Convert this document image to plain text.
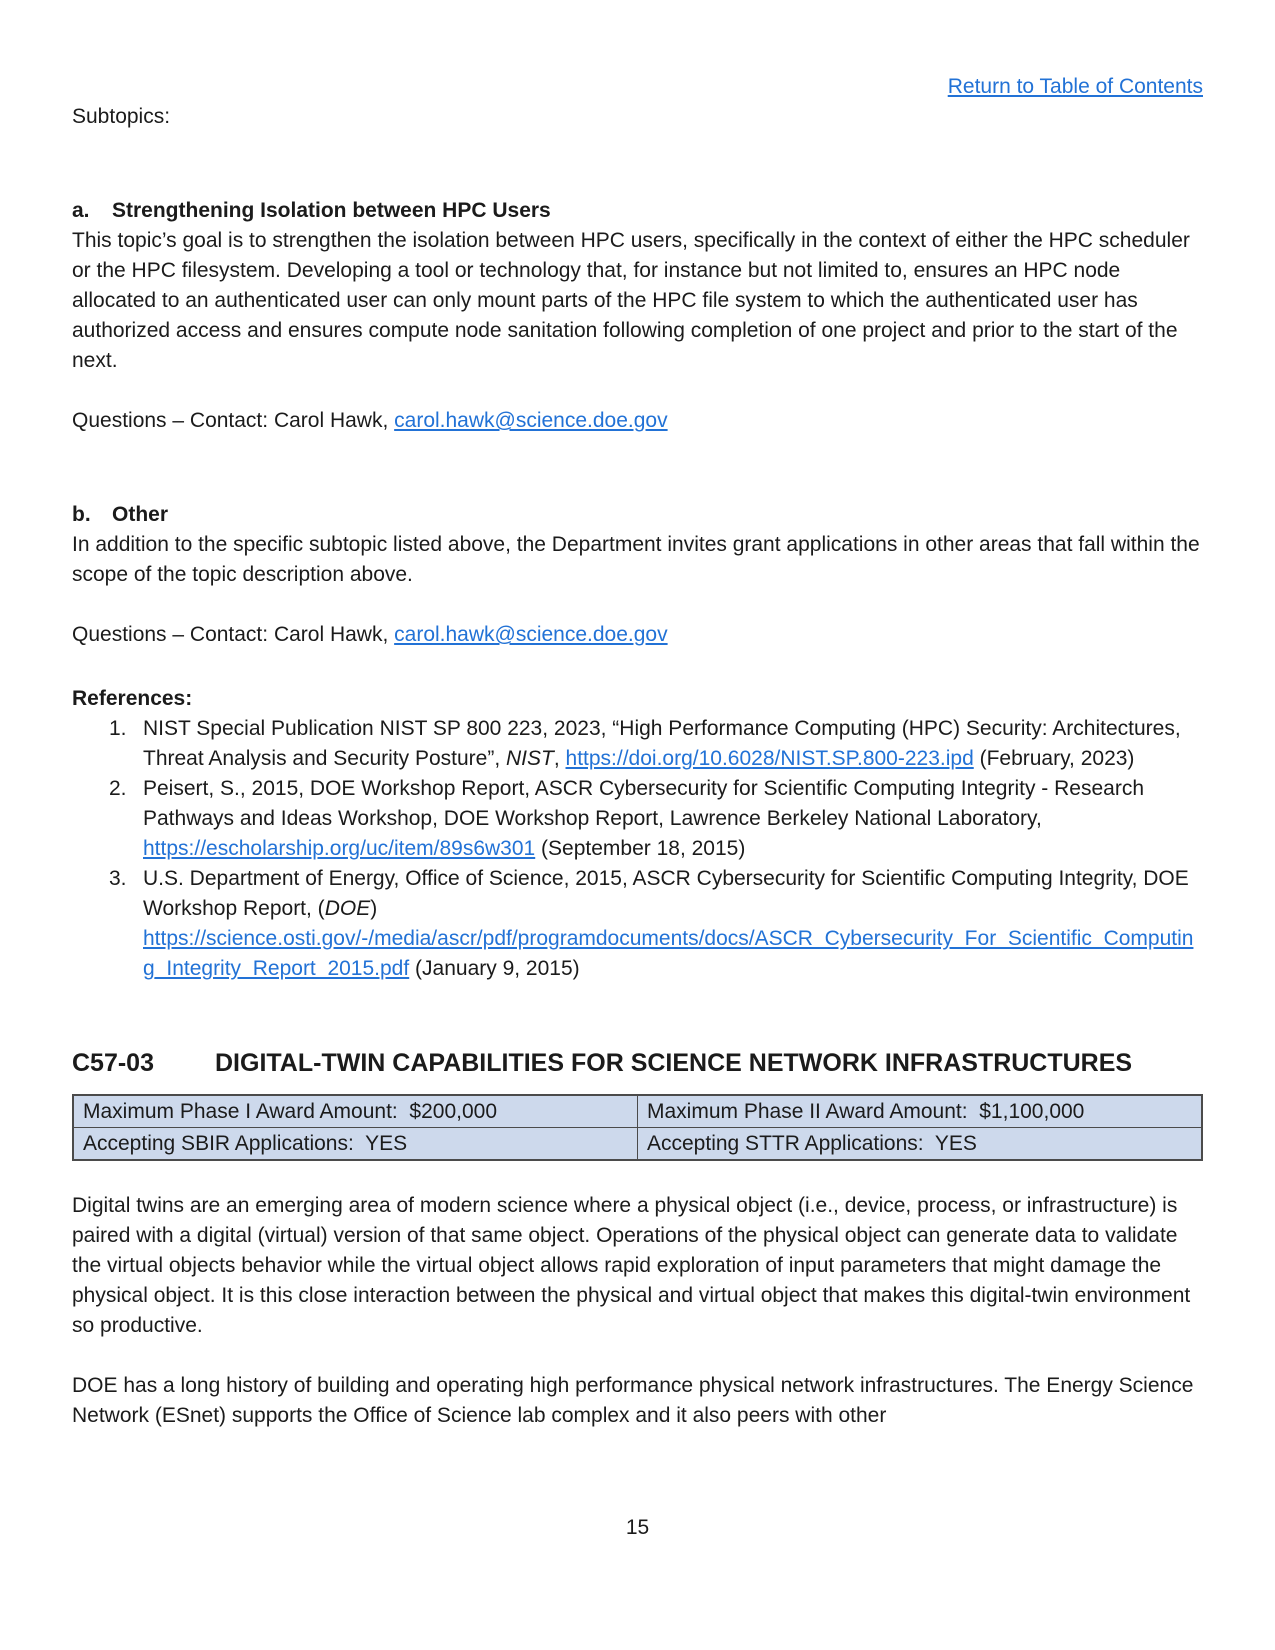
Return to Table of Contents

Subtopics:

a. Strengthening Isolation between HPC Users

This topic’s goal is to strengthen the isolation between HPC users, specifically in the context of either the HPC scheduler or the HPC filesystem. Developing a tool or technology that, for instance but not limited to, ensures an HPC node allocated to an authenticated user can only mount parts of the HPC file system to which the authenticated user has authorized access and ensures compute node sanitation following completion of one project and prior to the start of the next.

Questions – Contact: Carol Hawk, carol.hawk@science.doe.gov

b. Other

In addition to the specific subtopic listed above, the Department invites grant applications in other areas that fall within the scope of the topic description above.

Questions – Contact: Carol Hawk, carol.hawk@science.doe.gov

References:

1. NIST Special Publication NIST SP 800 223, 2023, “High Performance Computing (HPC) Security: Architectures, Threat Analysis and Security Posture”, NIST, https://doi.org/10.6028/NIST.SP.800-223.ipd (February, 2023)
2. Peisert, S., 2015, DOE Workshop Report, ASCR Cybersecurity for Scientific Computing Integrity - Research Pathways and Ideas Workshop, DOE Workshop Report, Lawrence Berkeley National Laboratory, https://escholarship.org/uc/item/89s6w301 (September 18, 2015)
3. U.S. Department of Energy, Office of Science, 2015, ASCR Cybersecurity for Scientific Computing Integrity, DOE Workshop Report, (DOE) https://science.osti.gov/-/media/ascr/pdf/programdocuments/docs/ASCR_Cybersecurity_For_Scientific_Computing_Integrity_Report_2015.pdf (January 9, 2015)
C57-03	DIGITAL-TWIN CAPABILITIES FOR SCIENCE NETWORK INFRASTRUCTURES
Maximum Phase I Award Amount:  $200,000	Maximum Phase II Award Amount:  $1,100,000
Accepting SBIR Applications:  YES	Accepting STTR Applications:  YES

Digital twins are an emerging area of modern science where a physical object (i.e., device, process, or infrastructure) is paired with a digital (virtual) version of that same object. Operations of the physical object can generate data to validate the virtual objects behavior while the virtual object allows rapid exploration of input parameters that might damage the physical object. It is this close interaction between the physical and virtual object that makes this digital-twin environment so productive.

DOE has a long history of building and operating high performance physical network infrastructures. The Energy Science Network (ESnet) supports the Office of Science lab complex and it also peers with other

15
